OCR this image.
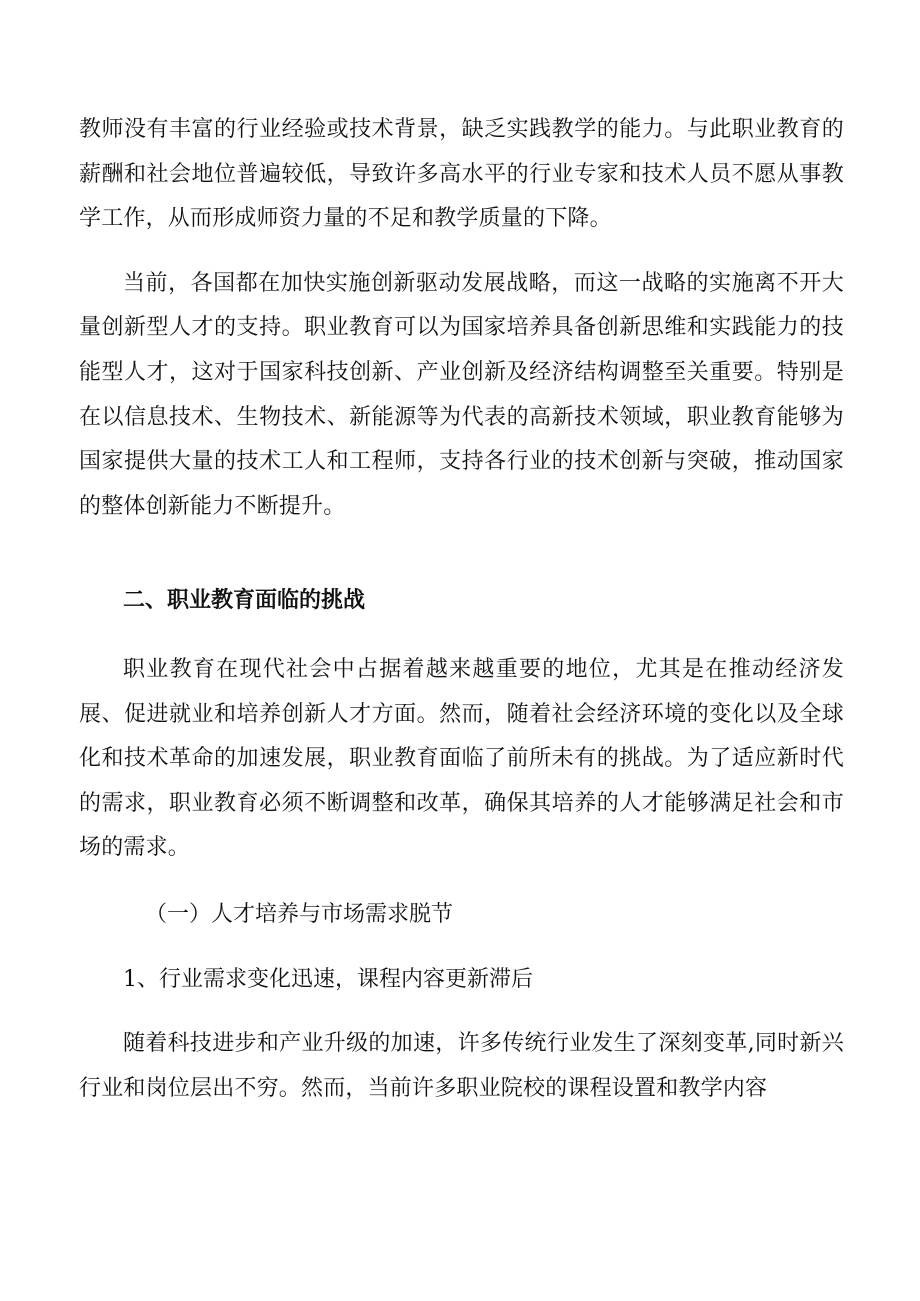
教师没有丰富的行业经验或技术背景，缺乏实践教学的能力。与此职业教育的薪酬和社会地位普遍较低，导致许多高水平的行业专家和技术人员不愿从事教学工作，从而形成师资力量的不足和教学质量的下降。

当前，各国都在加快实施创新驱动发展战略，而这一战略的实施离不开大量创新型人才的支持。职业教育可以为国家培养具备创新思维和实践能力的技能型人才，这对于国家科技创新、产业创新及经济结构调整至关重要。特别是在以信息技术、生物技术、新能源等为代表的高新技术领域，职业教育能够为国家提供大量的技术工人和工程师，支持各行业的技术创新与突破，推动国家的整体创新能力不断提升。

二、职业教育面临的挑战

职业教育在现代社会中占据着越来越重要的地位，尤其是在推动经济发展、促进就业和培养创新人才方面。然而，随着社会经济环境的变化以及全球化和技术革命的加速发展，职业教育面临了前所未有的挑战。为了适应新时代的需求，职业教育必须不断调整和改革，确保其培养的人才能够满足社会和市场的需求。

（一）人才培养与市场需求脱节
1、行业需求变化迅速，课程内容更新滞后

随着科技进步和产业升级的加速，许多传统行业发生了深刻变革,同时新兴行业和岗位层出不穷。然而，当前许多职业院校的课程设置和教学内容
